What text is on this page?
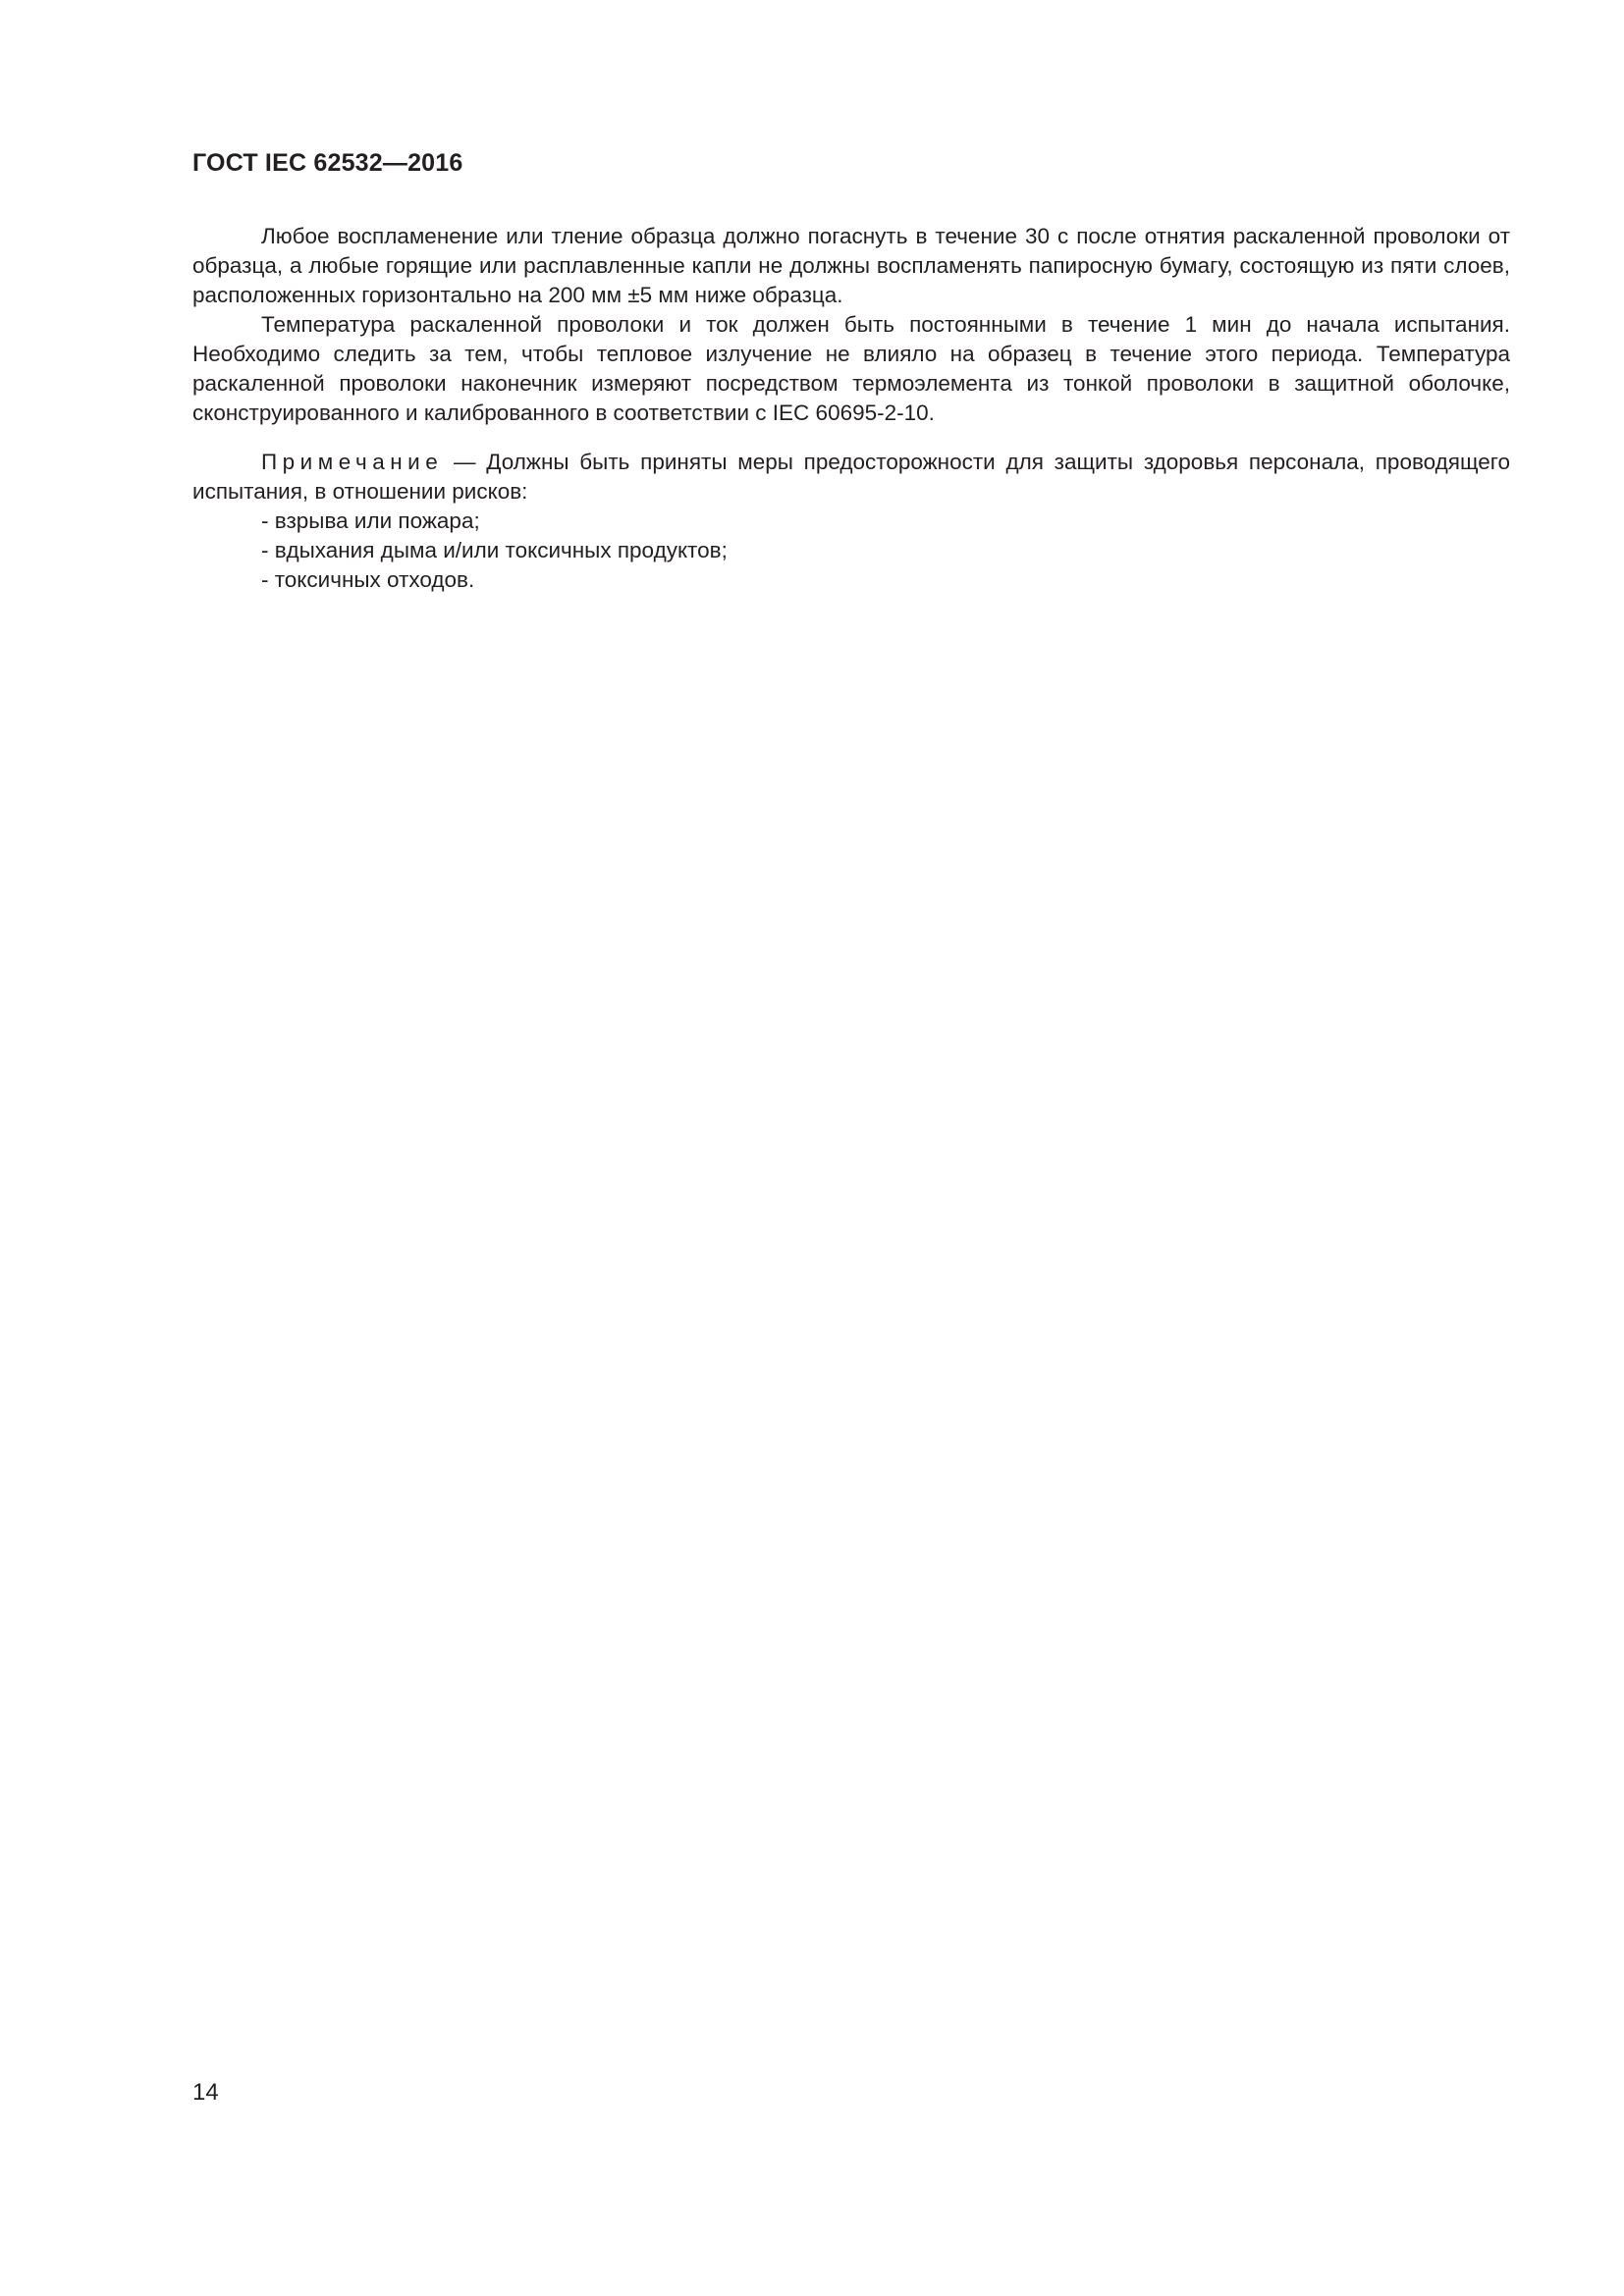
ГОСТ IEC 62532—2016

Любое воспламенение или тление образца должно погаснуть в течение 30 с после отнятия раскаленной проволоки от образца, а любые горящие или расплавленные капли не должны воспламенять папиросную бумагу, состоящую из пяти слоев, расположенных горизонтально на 200 мм ±5 мм ниже образца.

Температура раскаленной проволоки и ток должен быть постоянными в течение 1 мин до начала испытания. Необходимо следить за тем, чтобы тепловое излучение не влияло на образец в течение этого периода. Температура раскаленной проволоки наконечник измеряют посредством термоэлемента из тонкой проволоки в защитной оболочке, сконструированного и калиброванного в соответствии с IEC 60695-2-10.

Примечание — Должны быть приняты меры предосторожности для защиты здоровья персонала, проводящего испытания, в отношении рисков:

- взрыва или пожара;
- вдыхания дыма и/или токсичных продуктов;
- токсичных отходов.
14
